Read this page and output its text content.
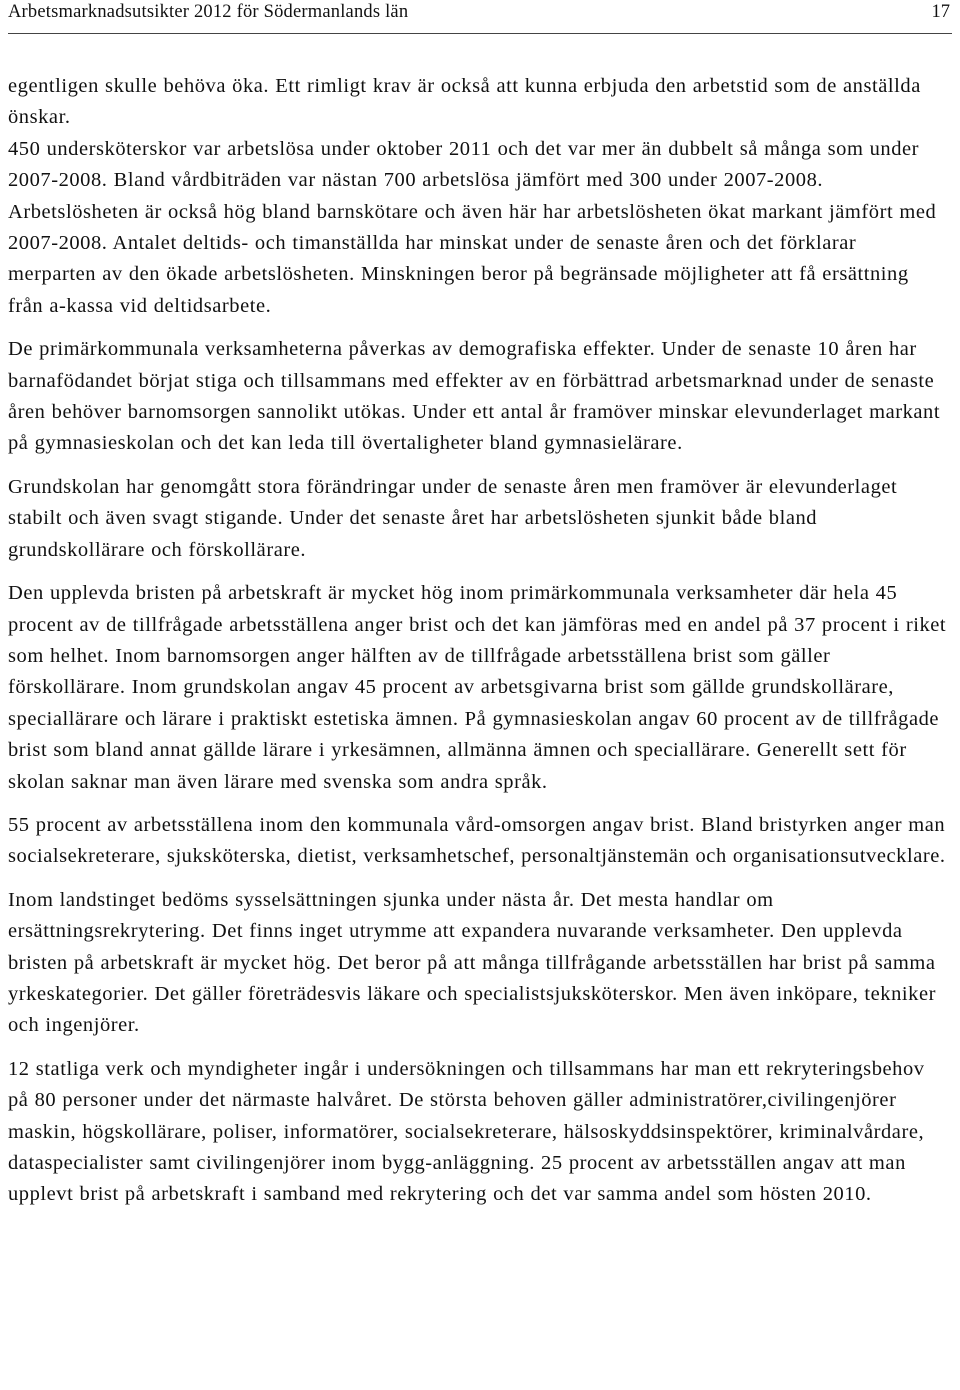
Arbetsmarknadsutsikter 2012 för Södermanlands län	17

egentligen skulle behöva öka. Ett rimligt krav är också att kunna erbjuda den arbetstid som de anställda önskar.

450 undersköterskor var arbetslösa under oktober 2011 och det var mer än dubbelt så många som under 2007-2008. Bland vårdbiträden var nästan 700 arbetslösa jämfört med 300 under 2007-2008. Arbetslösheten är också hög bland barnskötare och även här har arbetslösheten ökat markant jämfört med 2007-2008. Antalet deltids- och timanställda har minskat under de senaste åren och det förklarar merparten av den ökade arbetslösheten. Minskningen beror på begränsade möjligheter att få ersättning från a-kassa vid deltidsarbete.

De primärkommunala verksamheterna påverkas av demografiska effekter. Under de senaste 10 åren har barnafödandet börjat stiga och tillsammans med effekter av en förbättrad arbetsmarknad under de senaste åren behöver barnomsorgen sannolikt utökas. Under ett antal år framöver minskar elevunderlaget markant på gymnasieskolan och det kan leda till övertaligheter bland gymnasielärare.

Grundskolan har genomgått stora förändringar under de senaste åren men framöver är elevunderlaget stabilt och även svagt stigande. Under det senaste året har arbetslösheten sjunkit både bland grundskollärare och förskollärare.

Den upplevda bristen på arbetskraft är mycket hög inom primärkommunala verksamheter där hela 45 procent av de tillfrågade arbetsställena anger brist och det kan jämföras med en andel på 37 procent i riket som helhet. Inom barnomsorgen anger hälften av de tillfrågade arbetsställena brist som gäller förskollärare. Inom grundskolan angav 45 procent av arbetsgivarna brist som gällde grundskollärare, speciallärare och lärare i praktiskt estetiska ämnen. På gymnasieskolan angav 60 procent av de tillfrågade brist som bland annat gällde lärare i yrkesämnen, allmänna ämnen och speciallärare. Generellt sett för skolan saknar man även lärare med svenska som andra språk.

55 procent av arbetsställena inom den kommunala vård-omsorgen angav brist. Bland bristyrken anger man socialsekreterare, sjuksköterska, dietist, verksamhetschef, personaltjänstemän och organisationsutvecklare.

Inom landstinget bedöms sysselsättningen sjunka under nästa år. Det mesta handlar om ersättningsrekrytering. Det finns inget utrymme att expandera nuvarande verksamheter. Den upplevda bristen på arbetskraft är mycket hög. Det beror på att många tillfrågande arbetsställen har brist på samma yrkeskategorier. Det gäller företrädesvis läkare och specialistsjuksköterskor. Men även inköpare, tekniker och ingenjörer.

12 statliga verk och myndigheter ingår i undersökningen och tillsammans har man ett rekryteringsbehov på 80 personer under det närmaste halvåret. De största behoven gäller administratörer,civilingenjörer maskin, högskollärare, poliser, informatörer, socialsekreterare, hälsoskyddsinspektörer, kriminalvårdare, dataspecialister samt civilingenjörer inom bygg-anläggning. 25 procent av arbetsställen angav att man upplevt brist på arbetskraft i samband med rekrytering och det var samma andel som hösten 2010.
